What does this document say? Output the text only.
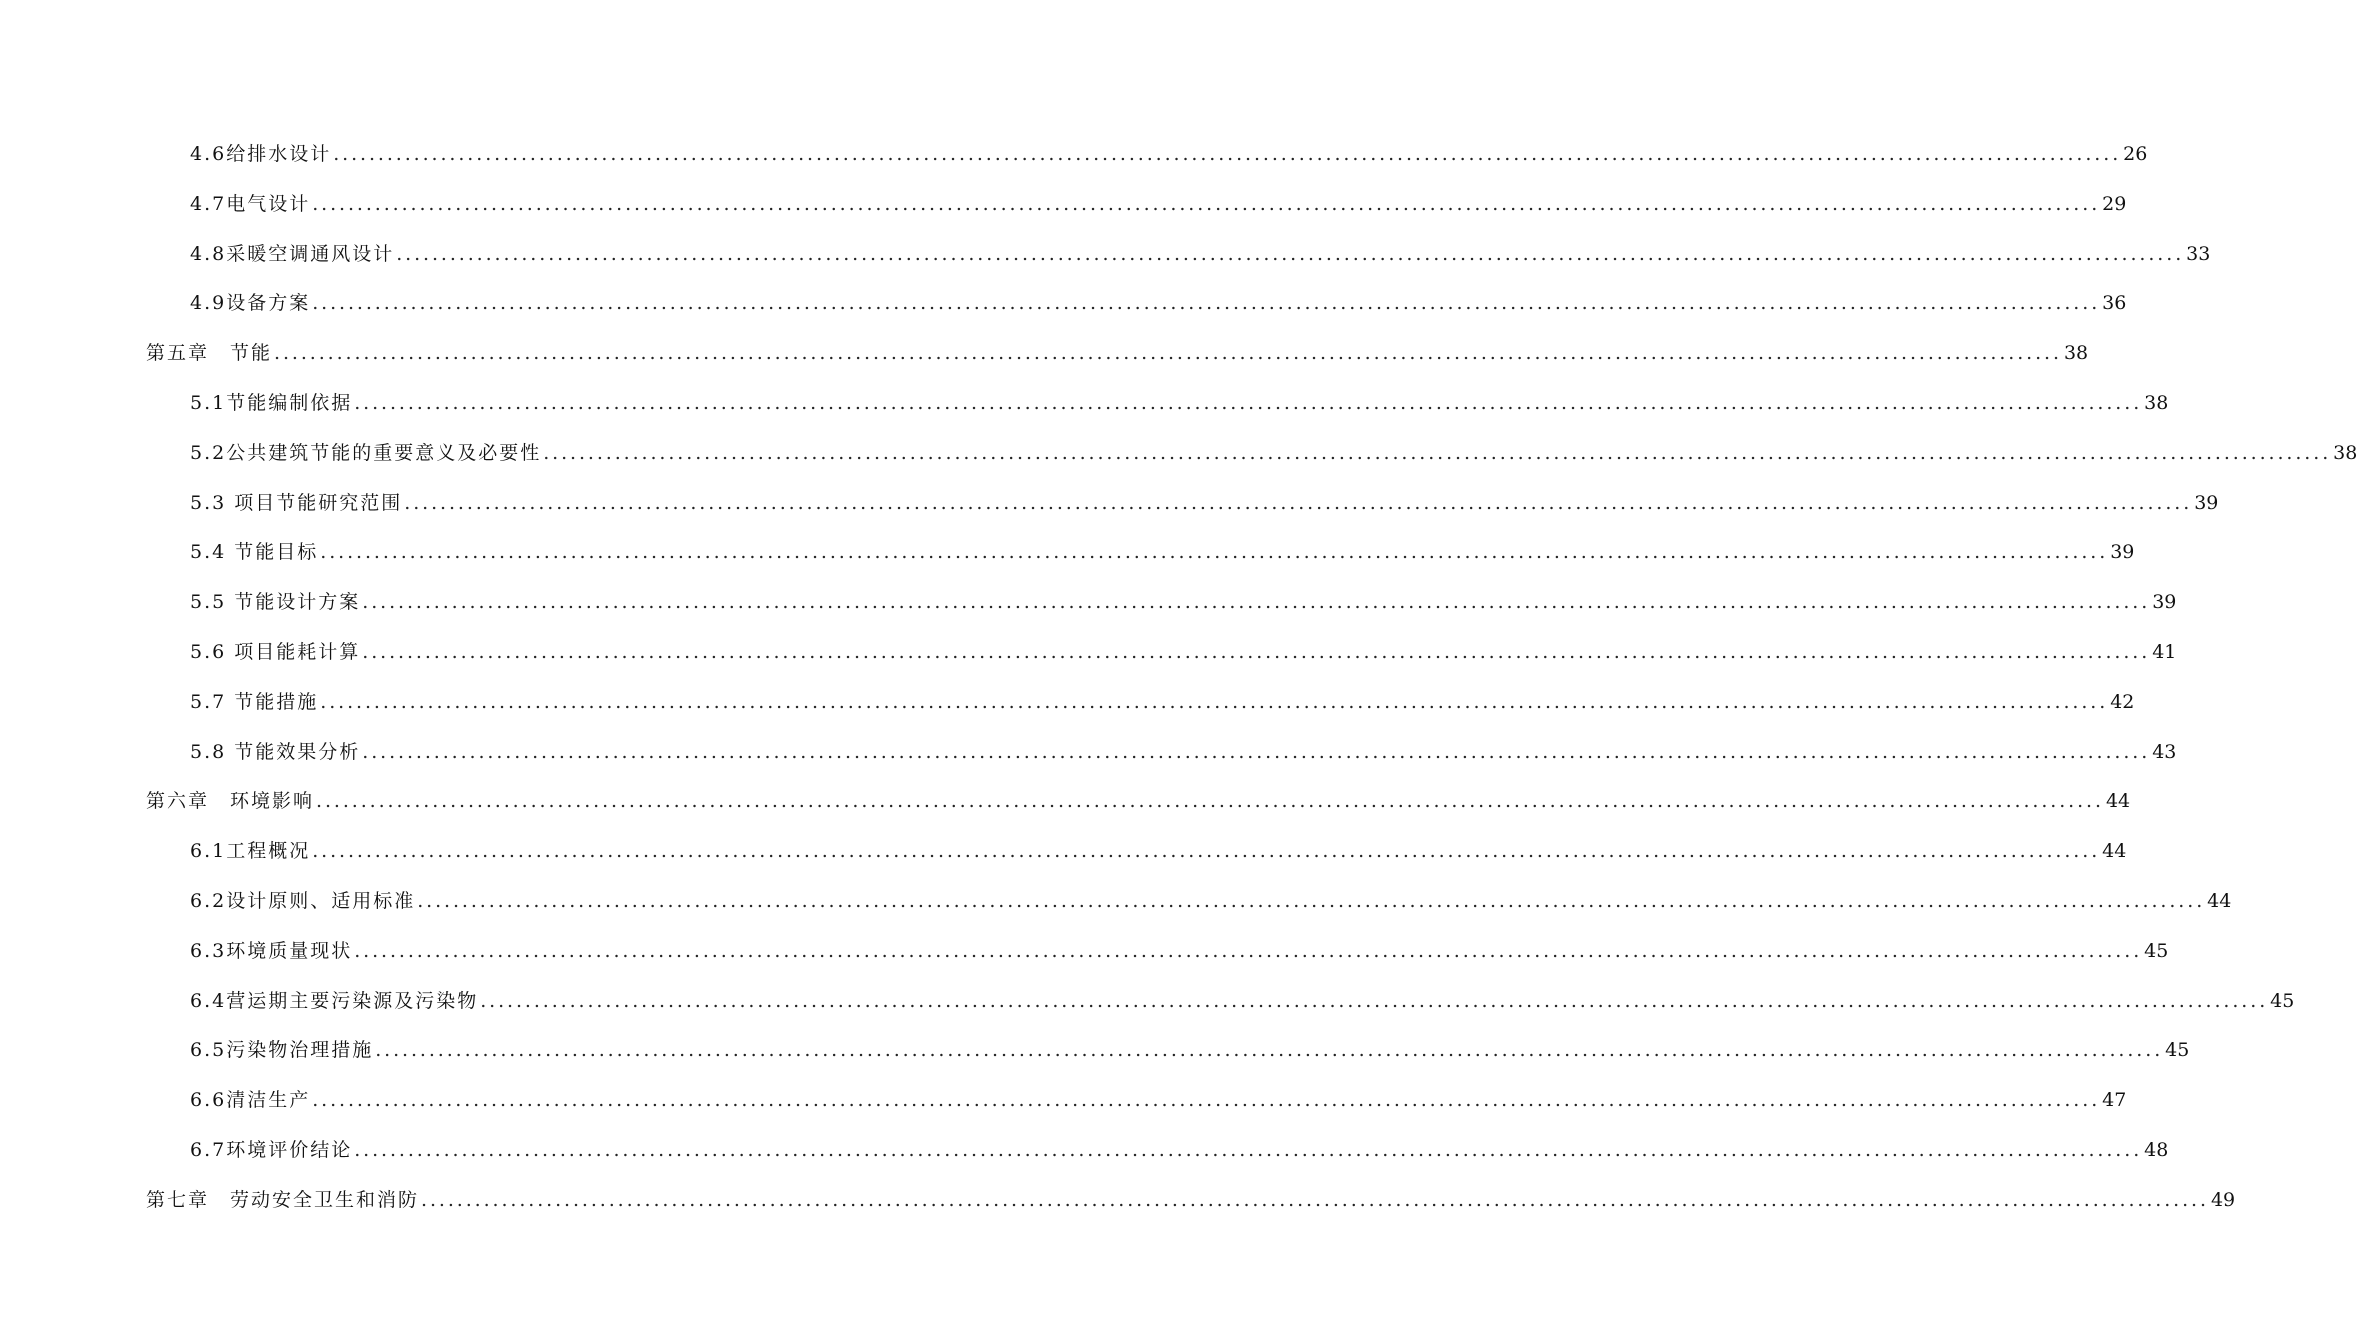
4.6给排水设计 ........................................................................................................................................................................................................ 26
4.7电气设计 ........................................................................................................................................................................................................ 29
4.8采暖空调通风设计 ........................................................................................................................................................................................................ 33
4.9设备方案 ........................................................................................................................................................................................................ 36
第五章　节能 ........................................................................................................................................................................................................ 38
5.1节能编制依据 ........................................................................................................................................................................................................ 38
5.2公共建筑节能的重要意义及必要性 ........................................................................................................................................................................................................ 38
5.3 项目节能研究范围 ........................................................................................................................................................................................................ 39
5.4 节能目标 ........................................................................................................................................................................................................ 39
5.5 节能设计方案 ........................................................................................................................................................................................................ 39
5.6 项目能耗计算 ........................................................................................................................................................................................................ 41
5.7 节能措施 ........................................................................................................................................................................................................ 42
5.8 节能效果分析 ........................................................................................................................................................................................................ 43
第六章　环境影响 ........................................................................................................................................................................................................ 44
6.1工程概况 ........................................................................................................................................................................................................ 44
6.2设计原则、适用标准 ........................................................................................................................................................................................................ 44
6.3环境质量现状 ........................................................................................................................................................................................................ 45
6.4营运期主要污染源及污染物 ........................................................................................................................................................................................................ 45
6.5污染物治理措施 ........................................................................................................................................................................................................ 45
6.6清洁生产 ........................................................................................................................................................................................................ 47
6.7环境评价结论 ........................................................................................................................................................................................................ 48
第七章　劳动安全卫生和消防 ........................................................................................................................................................................................................ 49
